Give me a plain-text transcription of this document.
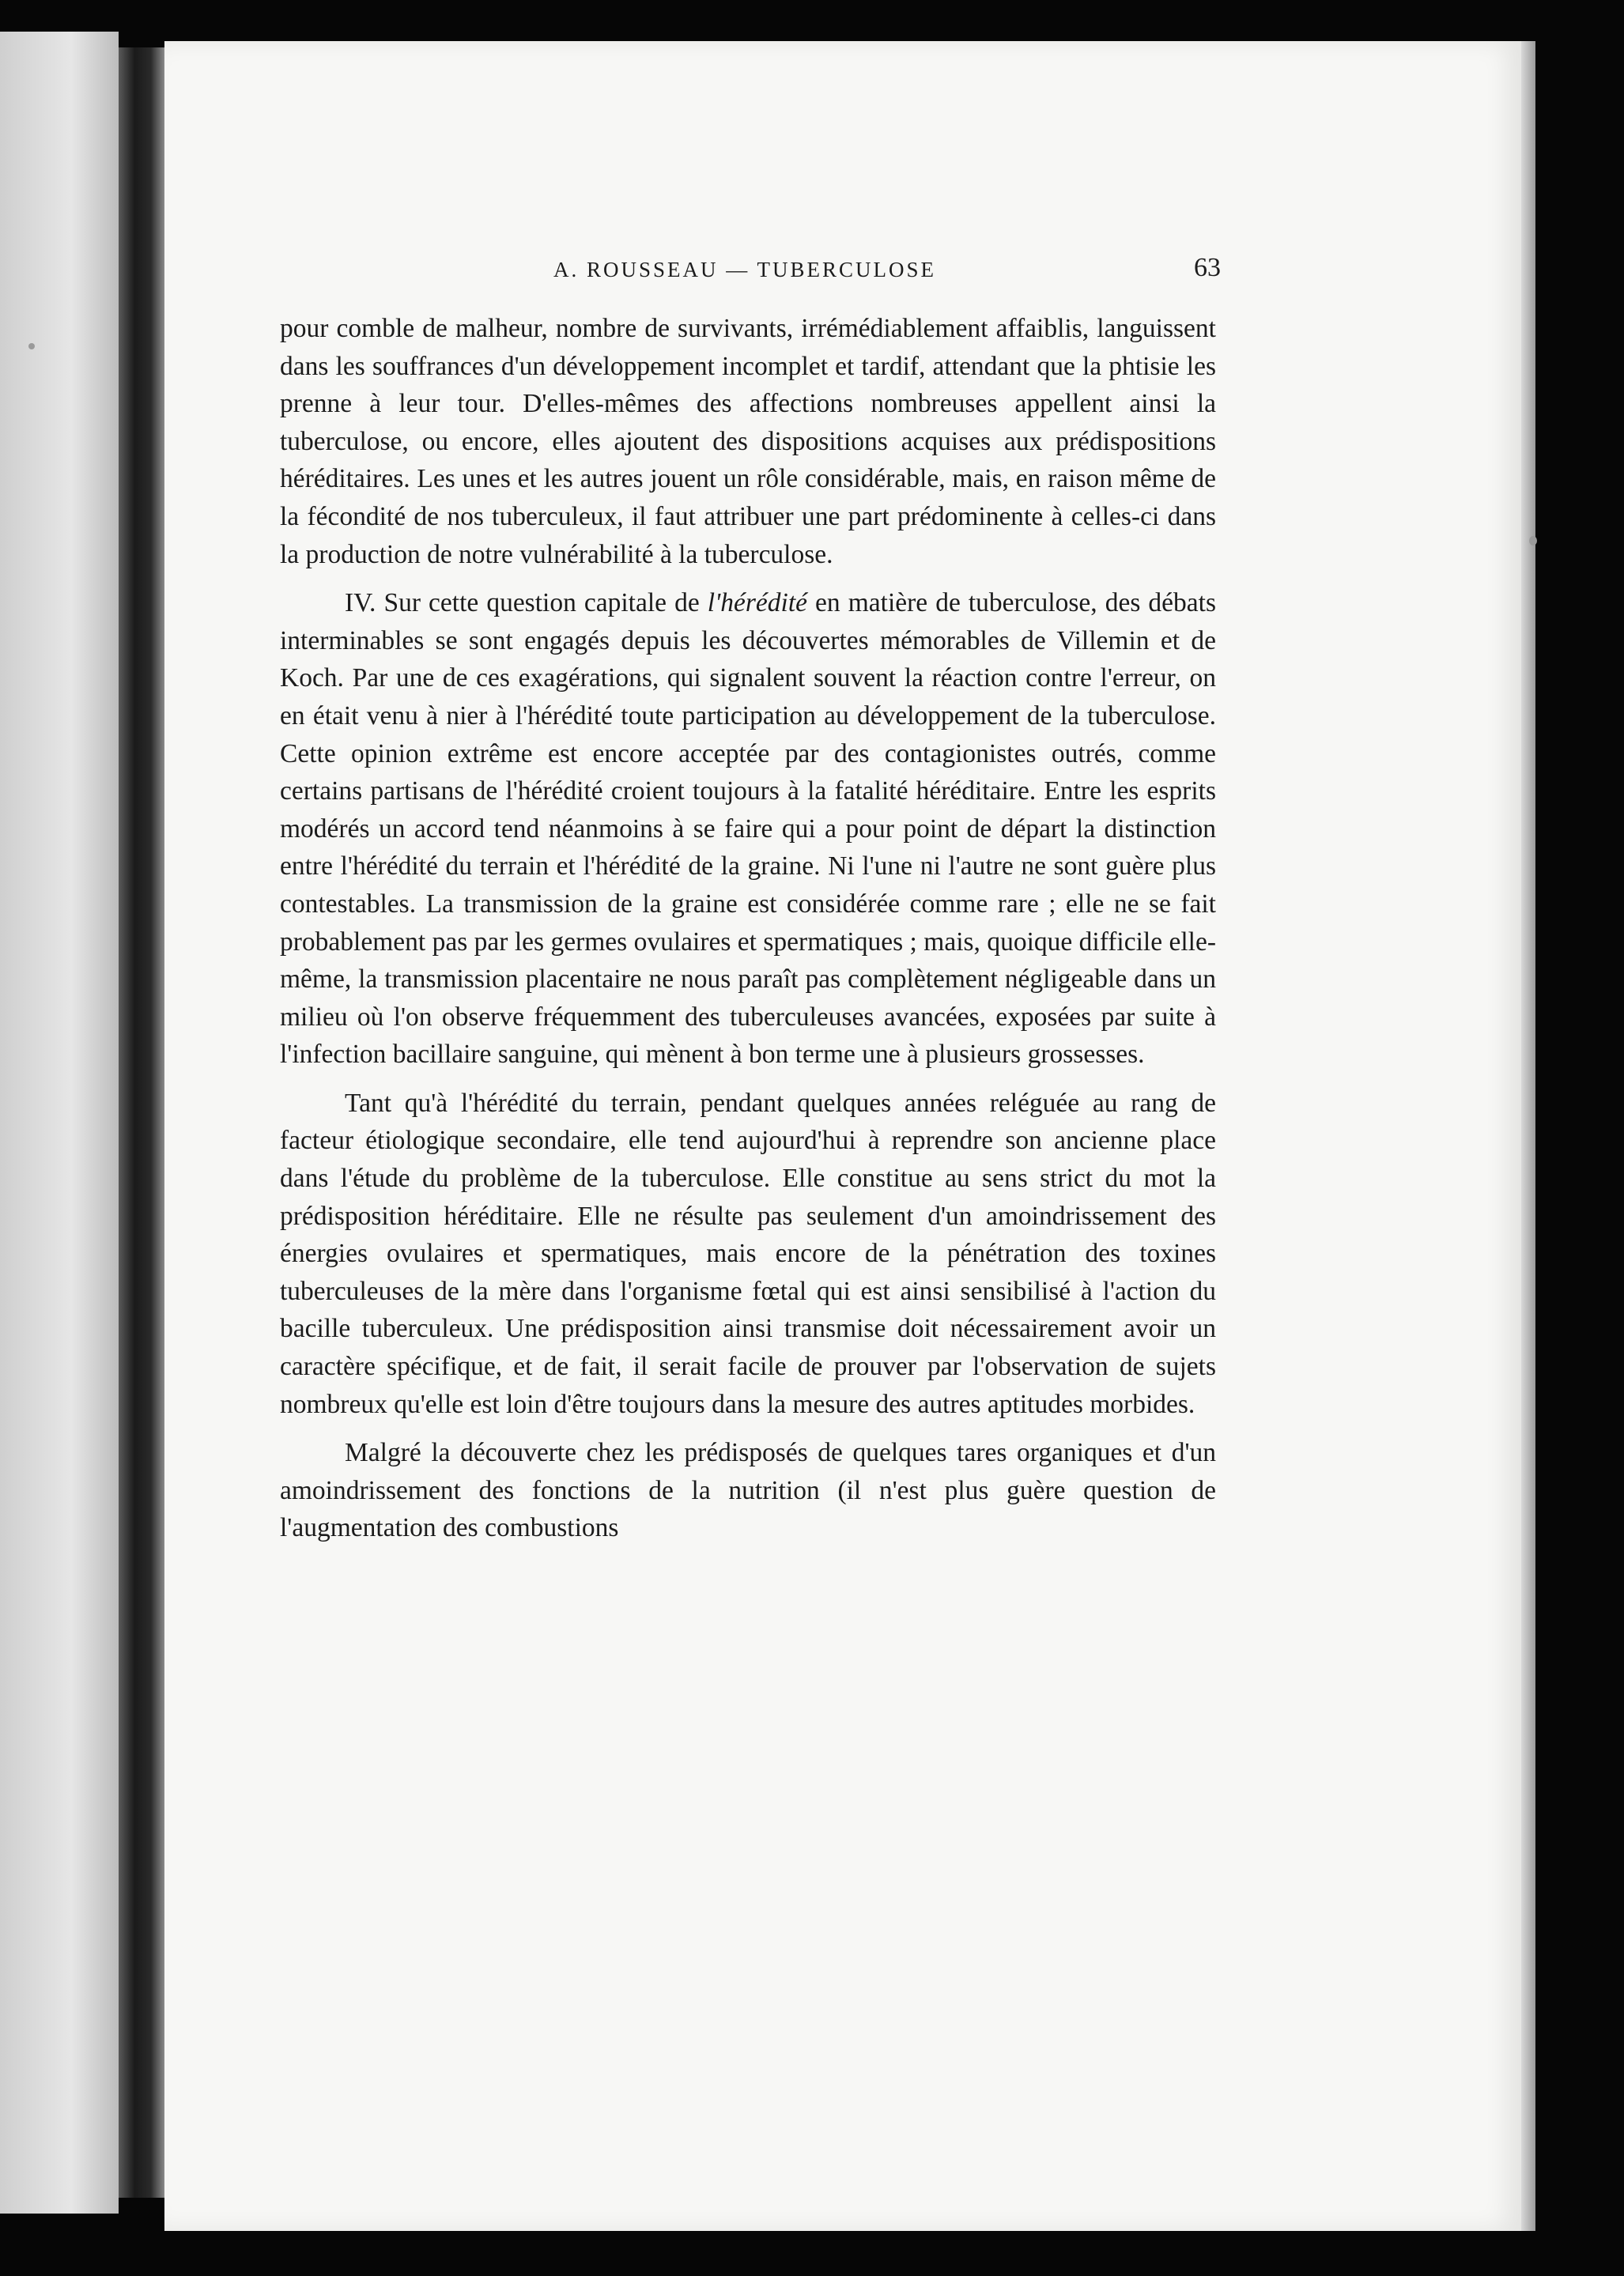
A. ROUSSEAU — TUBERCULOSE	63

pour comble de malheur, nombre de survivants, irrémédiablement affaiblis, languissent dans les souffrances d'un développement incomplet et tardif, attendant que la phtisie les prenne à leur tour. D'elles-mêmes des affections nombreuses appellent ainsi la tuberculose, ou encore, elles ajoutent des dispositions acquises aux prédispositions héréditaires. Les unes et les autres jouent un rôle considérable, mais, en raison même de la fécondité de nos tuberculeux, il faut attribuer une part prédominente à celles-ci dans la production de notre vulnérabilité à la tuberculose.

IV. Sur cette question capitale de l'hérédité en matière de tuberculose, des débats interminables se sont engagés depuis les découvertes mémorables de Villemin et de Koch. Par une de ces exagérations, qui signalent souvent la réaction contre l'erreur, on en était venu à nier à l'hérédité toute participation au développement de la tuberculose. Cette opinion extrême est encore acceptée par des contagionistes outrés, comme certains partisans de l'hérédité croient toujours à la fatalité héréditaire. Entre les esprits modérés un accord tend néanmoins à se faire qui a pour point de départ la distinction entre l'hérédité du terrain et l'hérédité de la graine. Ni l'une ni l'autre ne sont guère plus contestables. La transmission de la graine est considérée comme rare ; elle ne se fait probablement pas par les germes ovulaires et spermatiques ; mais, quoique difficile elle-même, la transmission placentaire ne nous paraît pas complètement négligeable dans un milieu où l'on observe fréquemment des tuberculeuses avancées, exposées par suite à l'infection bacillaire sanguine, qui mènent à bon terme une à plusieurs grossesses.

Tant qu'à l'hérédité du terrain, pendant quelques années reléguée au rang de facteur étiologique secondaire, elle tend aujourd'hui à reprendre son ancienne place dans l'étude du problème de la tuberculose. Elle constitue au sens strict du mot la prédisposition héréditaire. Elle ne résulte pas seulement d'un amoindrissement des énergies ovulaires et spermatiques, mais encore de la pénétration des toxines tuberculeuses de la mère dans l'organisme fœtal qui est ainsi sensibilisé à l'action du bacille tuberculeux. Une prédisposition ainsi transmise doit nécessairement avoir un caractère spécifique, et de fait, il serait facile de prouver par l'observation de sujets nombreux qu'elle est loin d'être toujours dans la mesure des autres aptitudes morbides.

Malgré la découverte chez les prédisposés de quelques tares organiques et d'un amoindrissement des fonctions de la nutrition (il n'est plus guère question de l'augmentation des combustions
